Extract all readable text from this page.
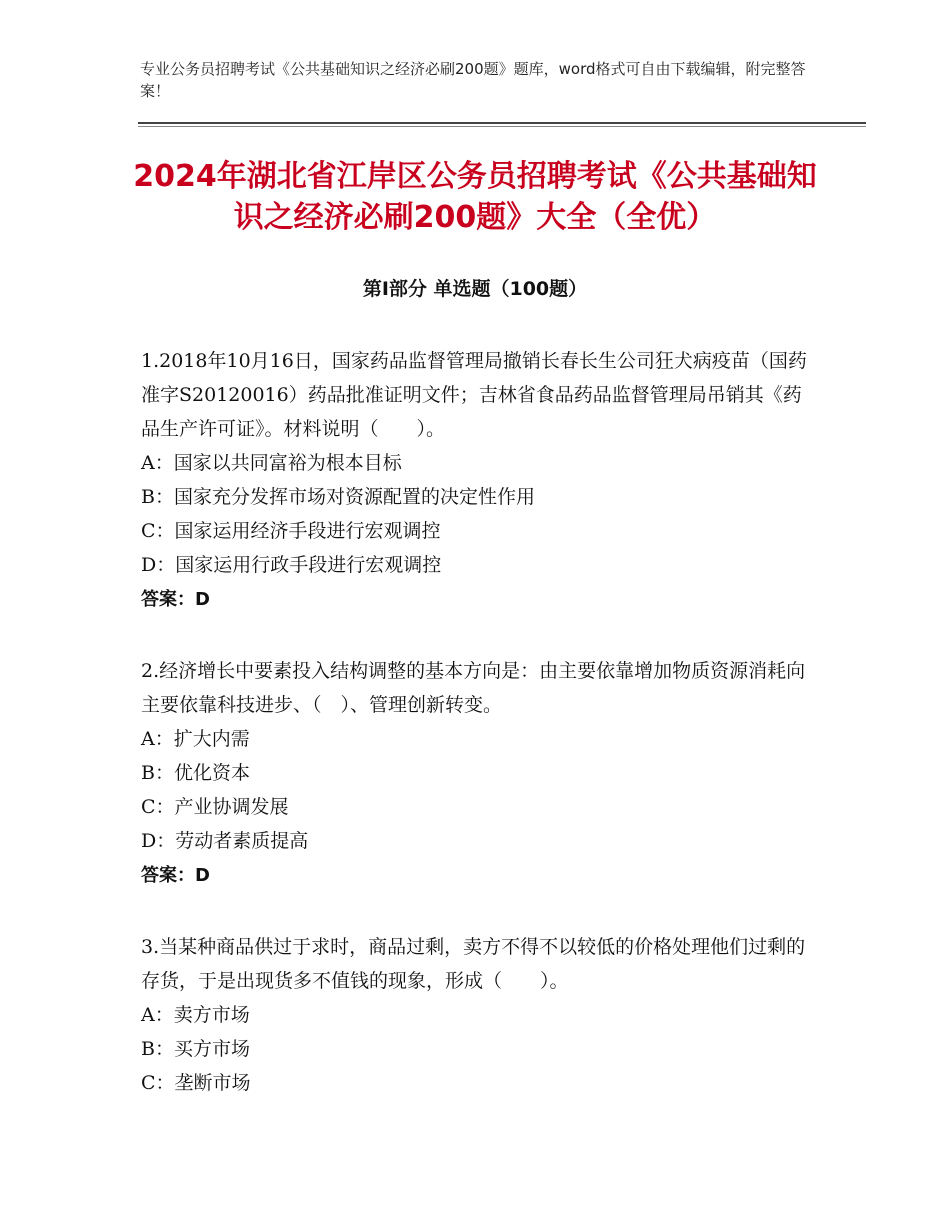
专业公务员招聘考试《公共基础知识之经济必刷200题》题库，word格式可自由下载编辑，附完整答案！
2024年湖北省江岸区公务员招聘考试《公共基础知识之经济必刷200题》大全（全优）
第Ⅰ部分 单选题（100题）
1.2018年10月16日，国家药品监督管理局撤销长春长生公司狂犬病疫苗（国药准字S20120016）药品批准证明文件；吉林省食品药品监督管理局吊销其《药品生产许可证》。材料说明（　　）。
A：国家以共同富裕为根本目标
B：国家充分发挥市场对资源配置的决定性作用
C：国家运用经济手段进行宏观调控
D：国家运用行政手段进行宏观调控
答案：D
2.经济增长中要素投入结构调整的基本方向是：由主要依靠增加物质资源消耗向主要依靠科技进步、（　）、管理创新转变。
A：扩大内需
B：优化资本
C：产业协调发展
D：劳动者素质提高
答案：D
3.当某种商品供过于求时，商品过剩，卖方不得不以较低的价格处理他们过剩的存货，于是出现货多不值钱的现象，形成（　　）。
A：卖方市场
B：买方市场
C：垄断市场
